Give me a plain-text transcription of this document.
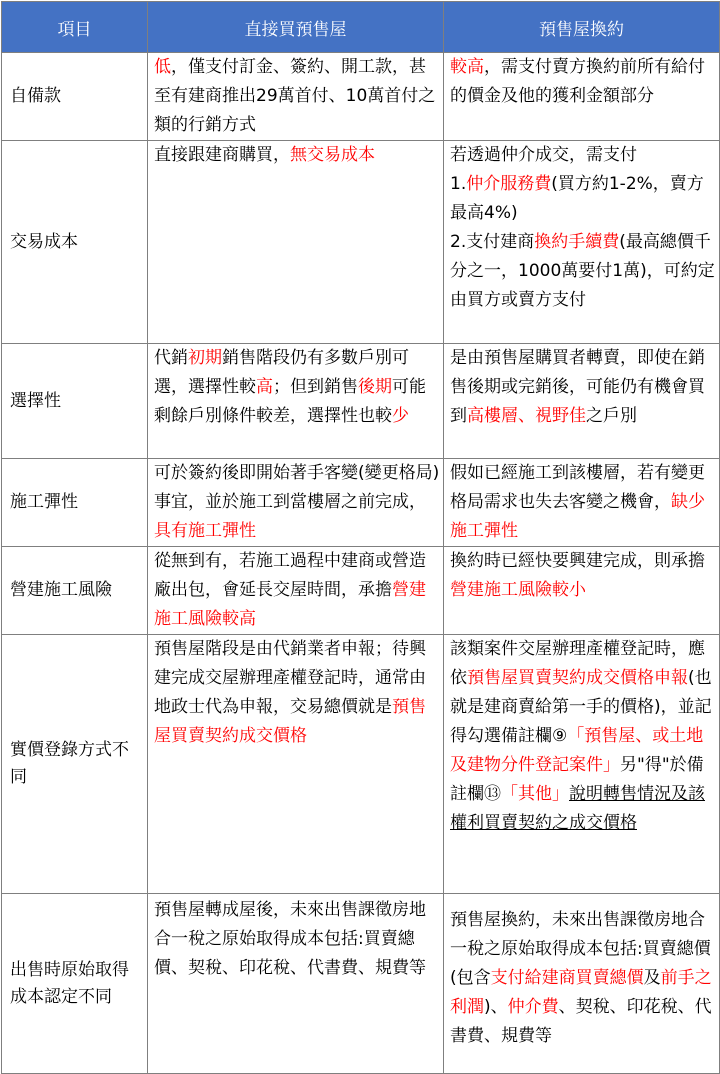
項目	直接買預售屋	預售屋換約
自備款	低，僅支付訂金、簽約、開工款，甚至有建商推出29萬首付、10萬首付之類的行銷方式	較高，需支付賣方換約前所有給付的價金及他的獲利金額部分
交易成本	直接跟建商購買，無交易成本	若透過仲介成交，需支付
1.仲介服務費(買方約1-2%，賣方最高4%)
2.支付建商換約手續費(最高總價千分之一，1000萬要付1萬)，可約定由買方或賣方支付
選擇性	代銷初期銷售階段仍有多數戶別可選，選擇性較高；但到銷售後期可能剩餘戶別條件較差，選擇性也較少	是由預售屋購買者轉賣，即使在銷售後期或完銷後，可能仍有機會買到高樓層、視野佳之戶別
施工彈性	可於簽約後即開始著手客變(變更格局)事宜，並於施工到當樓層之前完成，具有施工彈性	假如已經施工到該樓層，若有變更格局需求也失去客變之機會，缺少施工彈性
營建施工風險	從無到有，若施工過程中建商或營造廠出包，會延長交屋時間，承擔營建施工風險較高	換約時已經快要興建完成，則承擔營建施工風險較小
實價登錄方式不同	預售屋階段是由代銷業者申報；待興建完成交屋辦理產權登記時，通常由地政士代為申報，交易總價就是預售屋買賣契約成交價格	該類案件交屋辦理產權登記時，應依預售屋買賣契約成交價格申報(也就是建商賣給第一手的價格)，並記得勾選備註欄⑨「預售屋、或土地及建物分件登記案件」另"得"於備註欄⑬「其他」說明轉售情況及該權利買賣契約之成交價格
出售時原始取得成本認定不同	預售屋轉成屋後，未來出售課徵房地合一稅之原始取得成本包括:買賣總價、契稅、印花稅、代書費、規費等	預售屋換約，未來出售課徵房地合一稅之原始取得成本包括:買賣總價(包含支付給建商買賣總價及前手之利潤)、仲介費、契稅、印花稅、代書費、規費等
